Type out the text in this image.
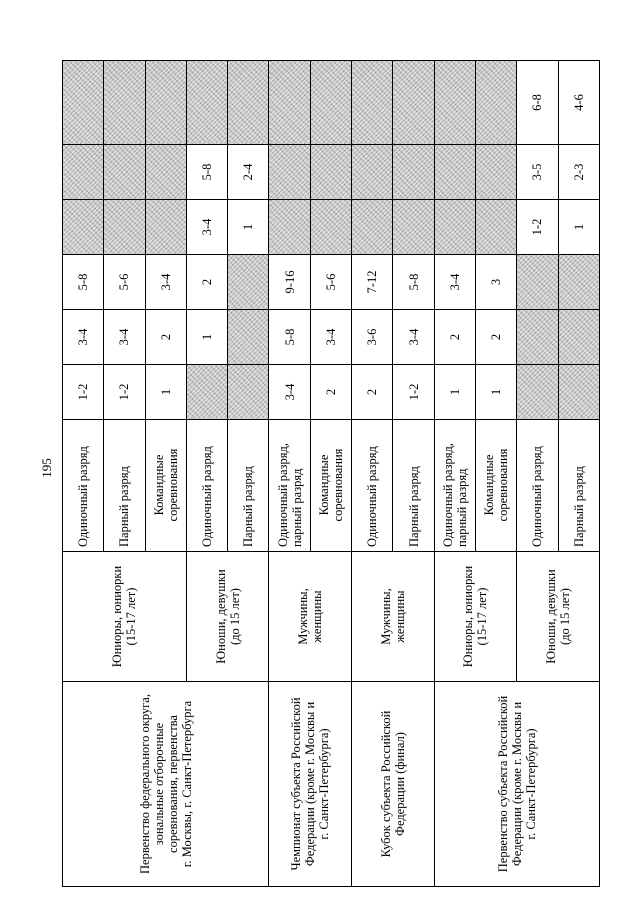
195
Первенство федерального округа, зональные отборочные соревнования, первенства г. Москвы, г. Санкт-Петербурга	Юниоры, юниорки (15-17 лет)	Одиночный разряд	1-2	3-4	5-8			

		Парный разряд	1-2	3-4	5-6			

		Командные соревнования	1	2	3-4			

	Юноши, девушки (до 15 лет)	Одиночный разряд		1	2	3-4	5-8	

		Парный разряд				1	2-4	

Чемпионат субъекта Российской Федерации (кроме г. Москвы и г. Санкт-Петербурга)	Мужчины, женщины	Одиночный разряд, парный разряд	3-4	5-8	9-16			

		Командные соревнования	2	3-4	5-6			

Кубок субъекта Российской Федерации (финал)	Мужчины, женщины	Одиночный разряд	2	3-6	7-12			

		Парный разряд	1-2	3-4	5-8			

Первенство субъекта Российской Федерации (кроме г. Москвы и г. Санкт-Петербурга)	Юниоры, юниорки (15-17 лет)	Одиночный разряд, парный разряд	1	2	3-4			

		Командные соревнования	1	2	3			

	Юноши, девушки (до 15 лет)	Одиночный разряд				1-2	3-5	6-8

		Парный разряд				1	2-3	4-6
